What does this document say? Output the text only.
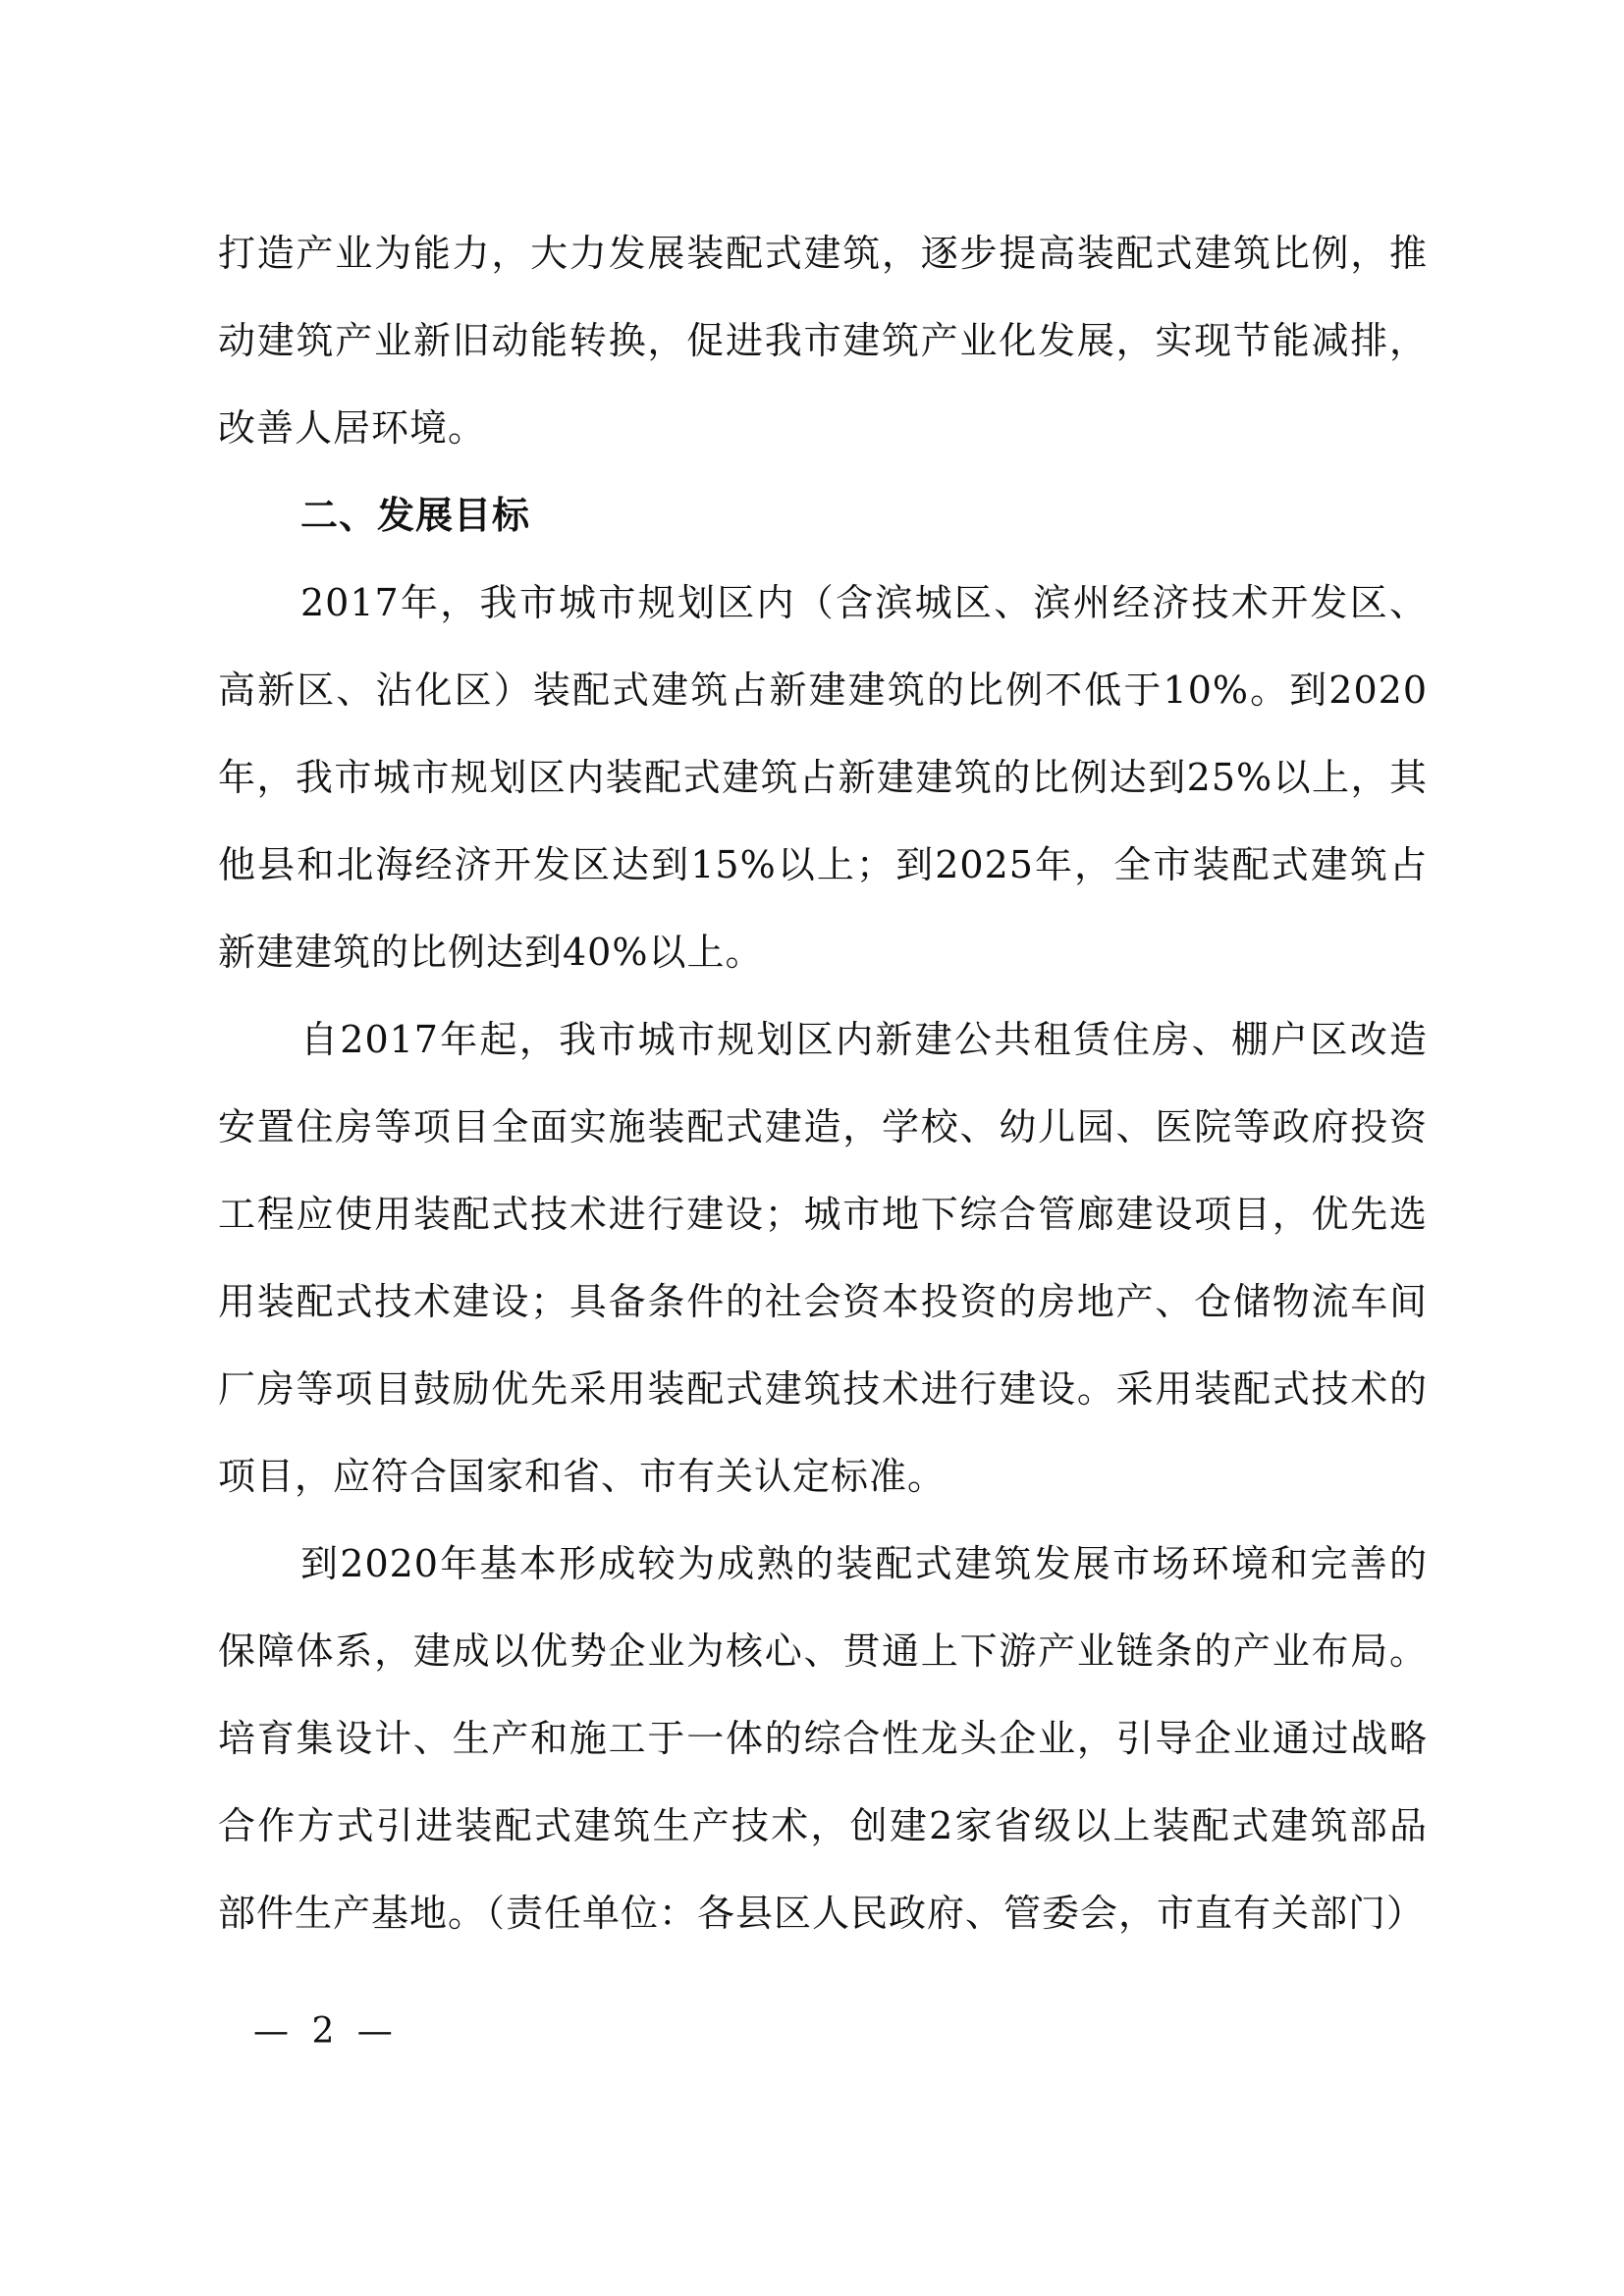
打造产业为能力，大力发展装配式建筑，逐步提高装配式建筑比例，推动建筑产业新旧动能转换，促进我市建筑产业化发展，实现节能减排，改善人居环境。

二、发展目标

2017年，我市城市规划区内（含滨城区、滨州经济技术开发区、高新区、沾化区）装配式建筑占新建建筑的比例不低于10%。到2020年，我市城市规划区内装配式建筑占新建建筑的比例达到25%以上，其他县和北海经济开发区达到15%以上；到2025年，全市装配式建筑占新建建筑的比例达到40%以上。

自2017年起，我市城市规划区内新建公共租赁住房、棚户区改造安置住房等项目全面实施装配式建造，学校、幼儿园、医院等政府投资工程应使用装配式技术进行建设；城市地下综合管廊建设项目，优先选用装配式技术建设；具备条件的社会资本投资的房地产、仓储物流车间厂房等项目鼓励优先采用装配式建筑技术进行建设。采用装配式技术的项目，应符合国家和省、市有关认定标准。

到2020年基本形成较为成熟的装配式建筑发展市场环境和完善的保障体系，建成以优势企业为核心、贯通上下游产业链条的产业布局。培育集设计、生产和施工于一体的综合性龙头企业，引导企业通过战略合作方式引进装配式建筑生产技术，创建2家省级以上装配式建筑部品部件生产基地。（责任单位：各县区人民政府、管委会，市直有关部门）

— 2 —
